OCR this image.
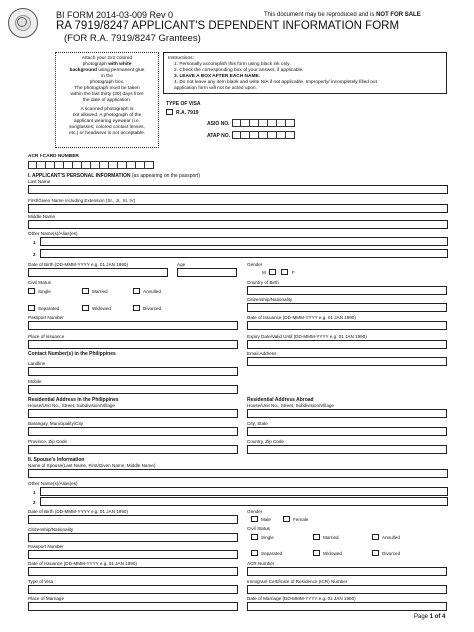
BI FORM 2014-03-009 Rev 0	This document may be reproduced and is NOT FOR SALE
RA 7919/8247 APPLICANT'S DEPENDENT INFORMATION FORM
(FOR R.A. 7919/8247 Grantees)
Attach your 2x2 colored
photograph with white
background using permanent glue
in the
photograph box.
The photograph must be taken
within the last thirty (30) days from
the date of application.
A scanned photograph is
not allowed. A photograph of the
applicant wearing eyewear (i.e.
sunglasses, colored contact lenses,
etc.) or headwear is not acceptable.
Instructions:
1. Personally accomplish this form using black ink only.
2. Check the corresponding box of your answer, if applicable.
3. LEAVE A BOX AFTER EACH NAME.
4. Do not leave any item blank and write N/A if not applicable. Improperly/ incompletely filled out
application form will not be acted upon.
TYPE OF VISA
R.A. 7919
ASIO NO.
ATAP NO.
ACR I-CARD NUMBER
I. APPLICANT'S PERSONAL INFORMATION (as appearing on the passport)
Last Name
First/Given Name including Extension (Sr., Jr., III, IV)
Middle Name
Other Name(s)/Alias(es)
1
2
Date of Birth (DD-MMM-YYYY e.g. 01 JAN 1990)	Age	Gender
M	F
Civil Status	Country of Birth
Single	Married	Annulled
Citizenship/Nationality
Separated	Widowed	Divorced
Passport Number	Date of Issuance (DD-MMM-YYYY e.g. 01 JAN 1990)
Place of Issuance	Expiry Date/Valid Until (DD-MMM-YYYY e.g. 01 JAN 1990)
Contact Number(s) in the Philippines	Email Address
Landline
Mobile
Residential Address in the Philippines	Residential Address Abroad
House/Unit No., Street, Subdivision/Village	House/Unit No., Street, Subdivision/Village
Barangay, Municipality/City	City, State
Province, Zip Code	Country, Zip Code
II. Spouse's Information
Name of Spouse(Last Name, First/Given Name, Middle Name)
Other Name(s)/Alias(es)
1
2
Date of Birth (DD-MMM-YYYY e.g. 01 JAN 1990)	Gender
Male	Female
Citizenship/Nationality	Civil Status
Single	Married	Annulled
Passport Number
Separated	Widowed	Divorced
Date of Issuance (DD-MMM-YYYY e.g. 01 JAN 1990)	ACR Number
Type of Visa	Immigrant Certificate of Residence (ICR) Number
Place of Marriage	Date of Marriage (DD-MMM-YYYY e.g. 01 JAN 1990)
Page 1 of 4
